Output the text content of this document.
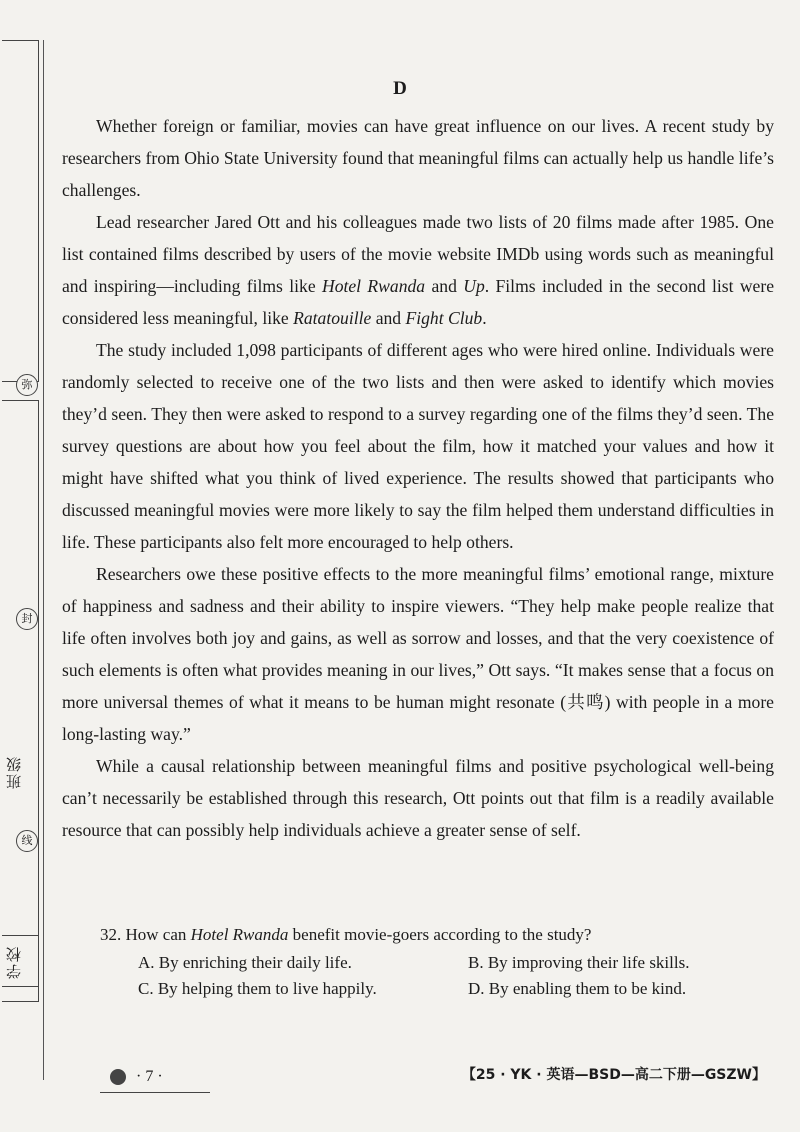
弥
封
线
班级
学校
D

Whether foreign or familiar, movies can have great influence on our lives. A recent study by researchers from Ohio State University found that meaningful films can actually help us handle life’s challenges.

Lead researcher Jared Ott and his colleagues made two lists of 20 films made after 1985. One list contained films described by users of the movie website IMDb using words such as meaningful and inspiring—including films like Hotel Rwanda and Up. Films included in the second list were considered less meaningful, like Ratatouille and Fight Club.

The study included 1,098 participants of different ages who were hired online. Individuals were randomly selected to receive one of the two lists and then were asked to identify which movies they’d seen. They then were asked to respond to a survey regarding one of the films they’d seen. The survey questions are about how you feel about the film, how it matched your values and how it might have shifted what you think of lived experience. The results showed that participants who discussed meaningful movies were more likely to say the film helped them understand difficulties in life. These participants also felt more encouraged to help others.

Researchers owe these positive effects to the more meaningful films’ emotional range, mixture of happiness and sadness and their ability to inspire viewers. “They help make people realize that life often involves both joy and gains, as well as sorrow and losses, and that the very coexistence of such elements is often what provides meaning in our lives,” Ott says. “It makes sense that a focus on more universal themes of what it means to be human might resonate (共鸣) with people in a more long-lasting way.”

While a causal relationship between meaningful films and positive psychological well-being can’t necessarily be established through this research, Ott points out that film is a readily available resource that can possibly help individuals achieve a greater sense of self.

32. How can Hotel Rwanda benefit movie-goers according to the study?
A. By enriching their daily life.	B. By improving their life skills.
C. By helping them to live happily.	D. By enabling them to be kind.
· 7 ·	【25 · YK · 英语—BSD—高二下册—GSZW】
